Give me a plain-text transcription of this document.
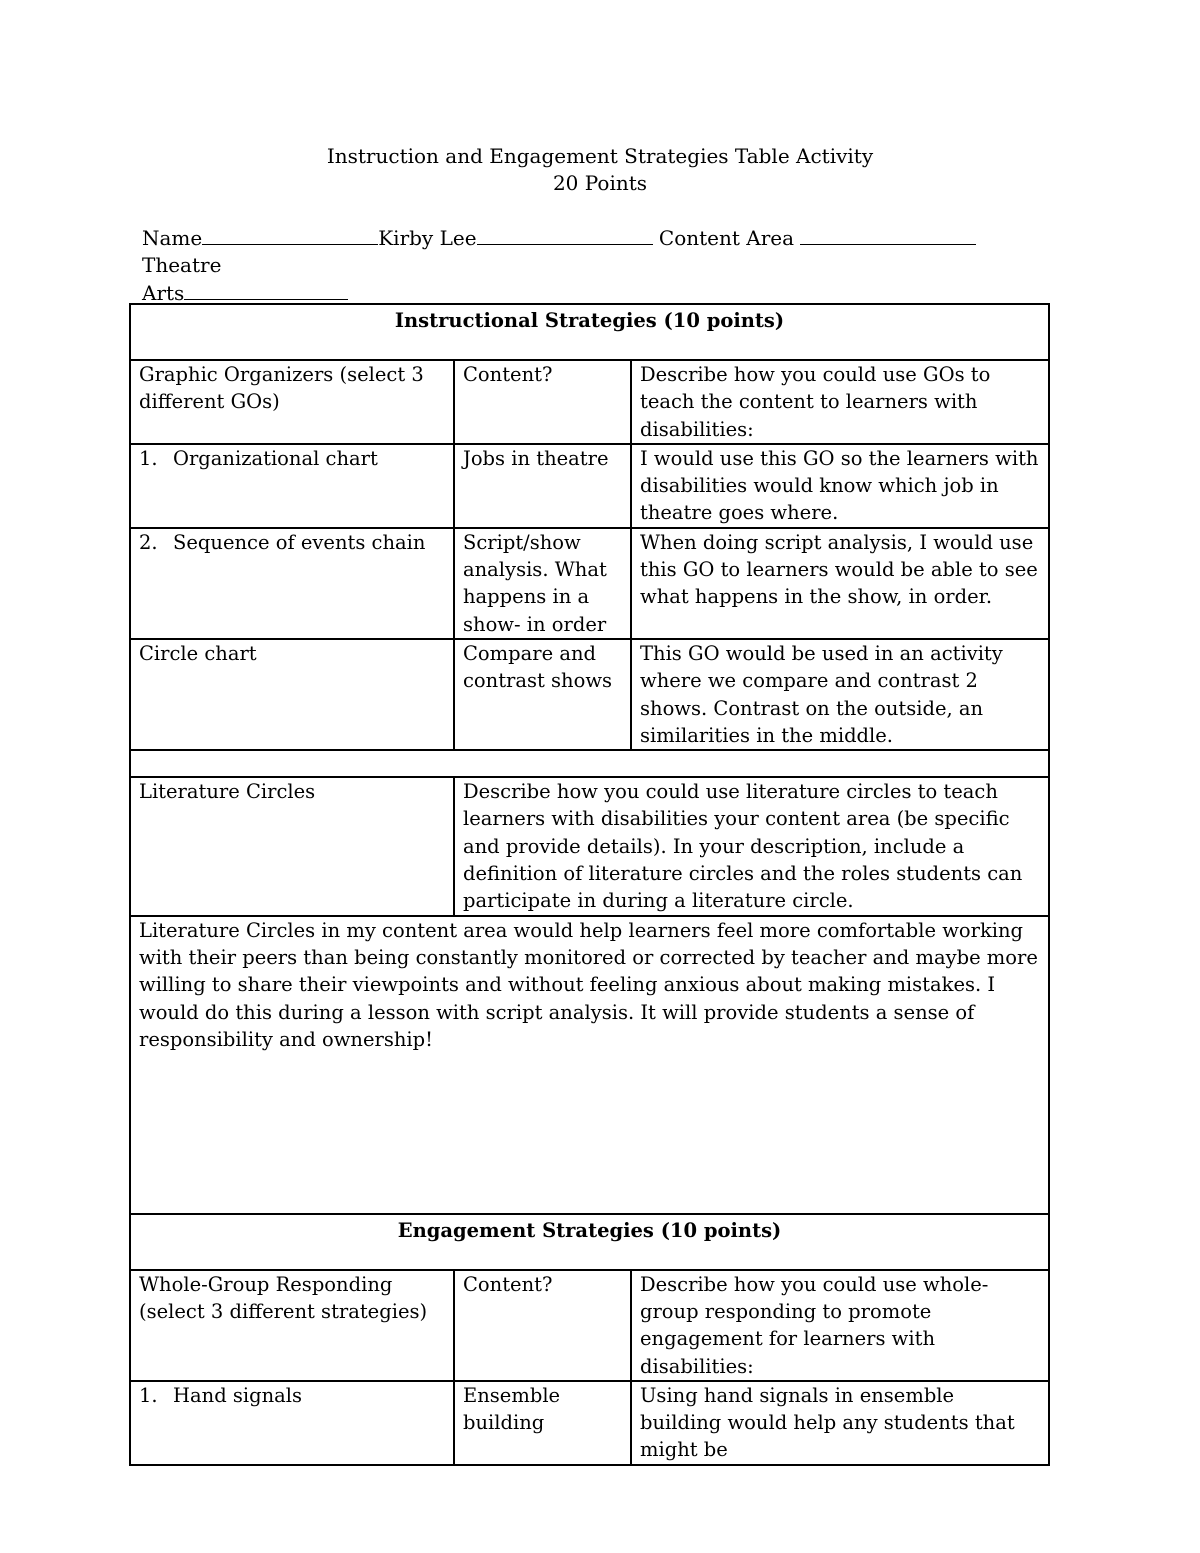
Instruction and Engagement Strategies Table Activity
20 Points
Name	Kirby Lee	Content Area Theatre
Arts
Instructional Strategies (10 points)		
Graphic Organizers (select 3 different GOs)	Content?	Describe how you could use GOs to teach the content to learners with disabilities:
1. Organizational chart	Jobs in theatre	I would use this GO so the learners with disabilities would know which job in theatre goes where.
2. Sequence of events chain	Script/show analysis. What happens in a show- in order	When doing script analysis, I would use this GO to learners would be able to see what happens in the show, in order.
Circle chart	Compare and contrast shows	This GO would be used in an activity where we compare and contrast 2 shows. Contrast on the outside, an similarities in the middle.

Literature Circles	Describe how you could use literature circles to teach learners with disabilities your content area (be specific and provide details). In your description, include a definition of literature circles and the roles students can participate in during a literature circle.	
Literature Circles in my content area would help learners feel more comfortable working with their peers than being constantly monitored or corrected by teacher and maybe more willing to share their viewpoints and without feeling anxious about making mistakes. I would do this during a lesson with script analysis. It will provide students a sense of responsibility and ownership!		
Engagement Strategies (10 points)		
Whole-Group Responding (select 3 different strategies)	Content?	Describe how you could use whole-group responding to promote engagement for learners with disabilities:
1. Hand signals	Ensemble building	Using hand signals in ensemble building would help any students that might be
